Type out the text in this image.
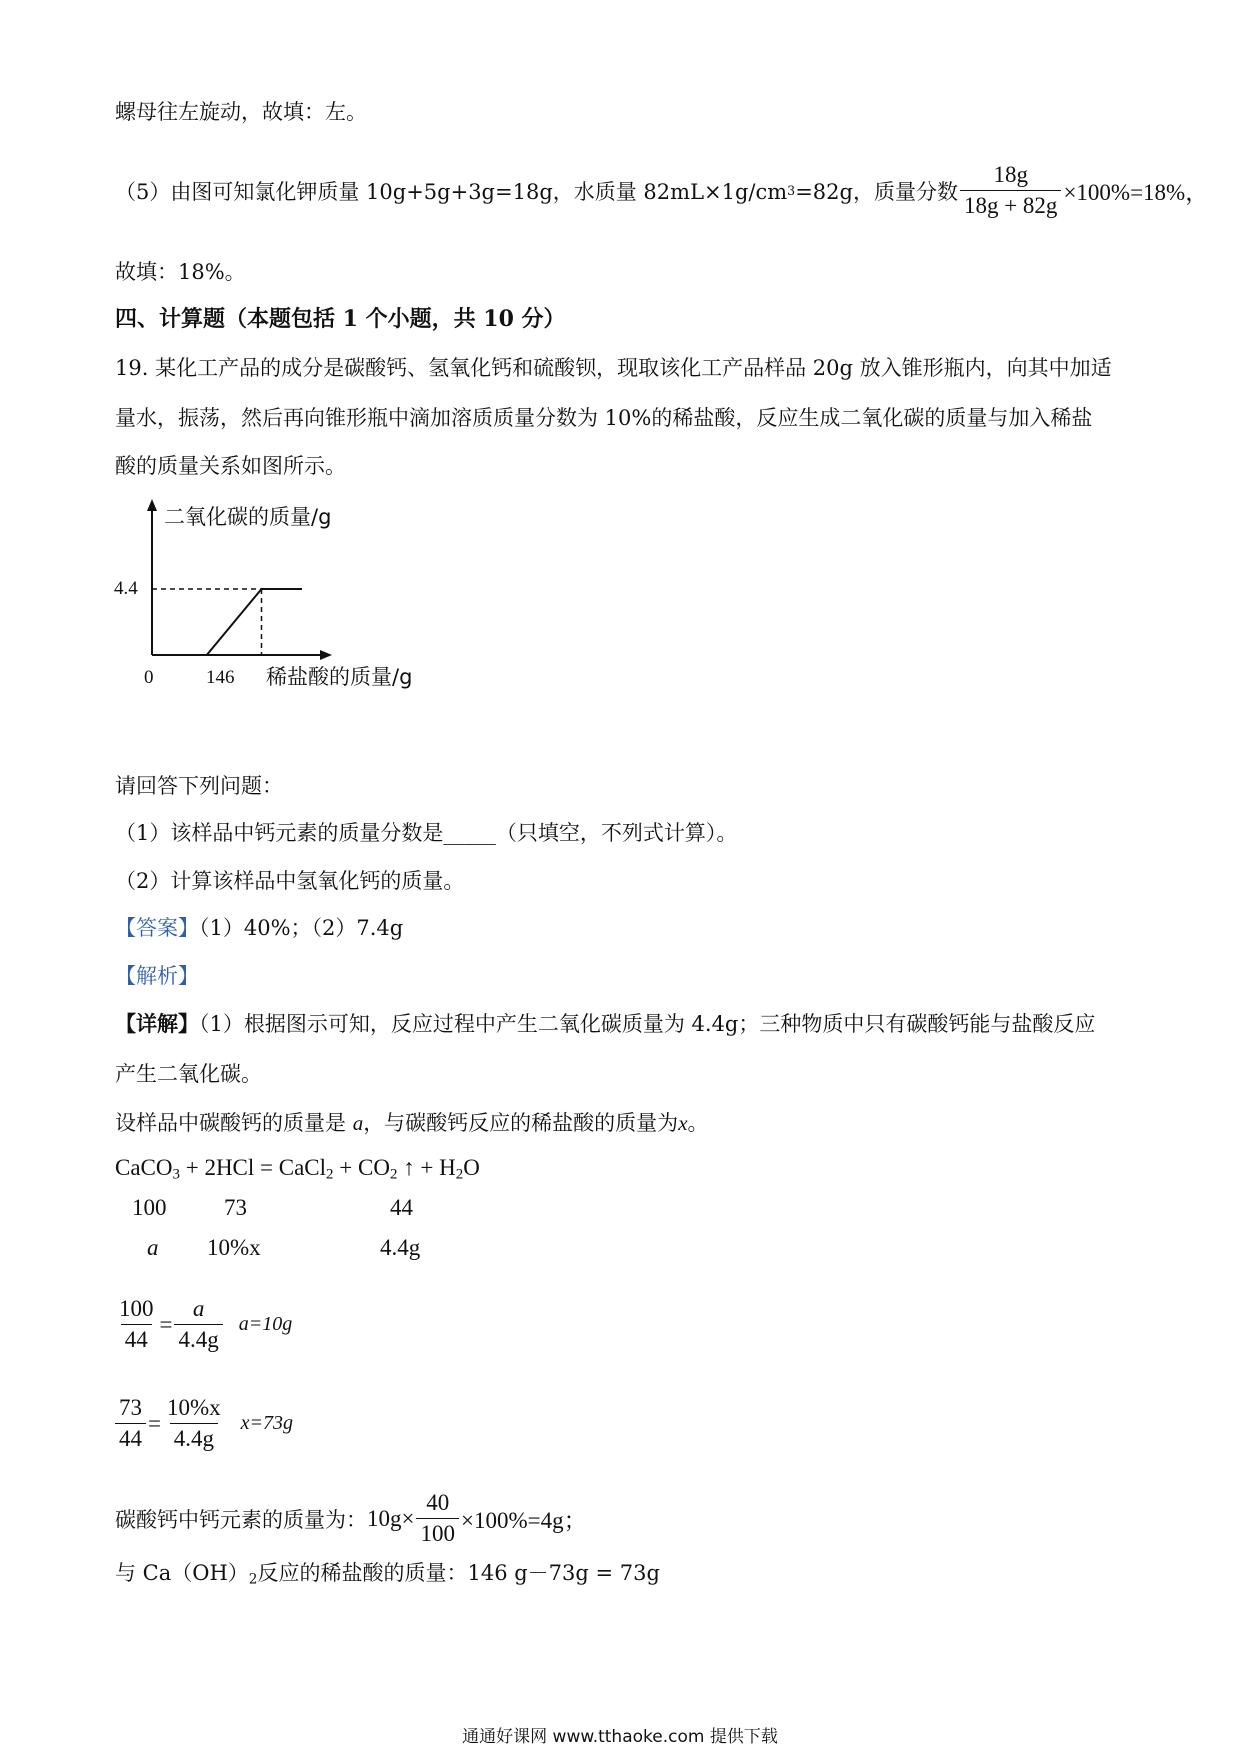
螺母往左旋动，故填：左。
（5）由图可知氯化钾质量 10g+5g+3g=18g，水质量 82mL×1g/cm 3 =82g，质量分数 $\frac{18g}{18g + 82g} \times 100\%=18\%$，
故填：18%。
四、计算题（本题包括 1 个小题，共 10 分）
19. 某化工产品的成分是碳酸钙、氢氧化钙和硫酸钡，现取该化工产品样品 20g 放入锥形瓶内，向其中加适
量水，振荡，然后再向锥形瓶中滴加溶质质量分数为 10%的稀盐酸，反应生成二氧化碳的质量与加入稀盐
酸的质量关系如图所示。
二氧化碳的质量/g
稀盐酸的质量/g
0	146
4.4
请回答下列问题：
（1）该样品中钙元素的质量分数是_____（只填空，不列式计算）。
（2）计算该样品中氢氧化钙的质量。
【答案】（1）40%；（2）7.4g
【解析】
【详解】（1）根据图示可知，反应过程中产生二氧化碳质量为 4.4g；三种物质中只有碳酸钙能与盐酸反应
产生二氧化碳。
设样品中碳酸钙的质量是 a，与碳酸钙反应的稀盐酸的质量为x。
CaCO$_3$ + 2HCl = CaCl$_2$ + $CO_2$ ↑ + $H_2O$
100	73	44
a 10%x	4.4g
$\frac{100}{44} = \frac{a}{4.4g} a=10g$
$\frac{73}{44} = \frac{10\%x}{4.4g} x=73g$
碳酸钙中钙元素的质量为： $10g\times \frac{40}{100} \times 100\%=4g$；
与 $Ca(OH)_2$反应的稀盐酸的质量：146 g－73g = 73g
通通好课网 www.tthaoke.com 提供下载
